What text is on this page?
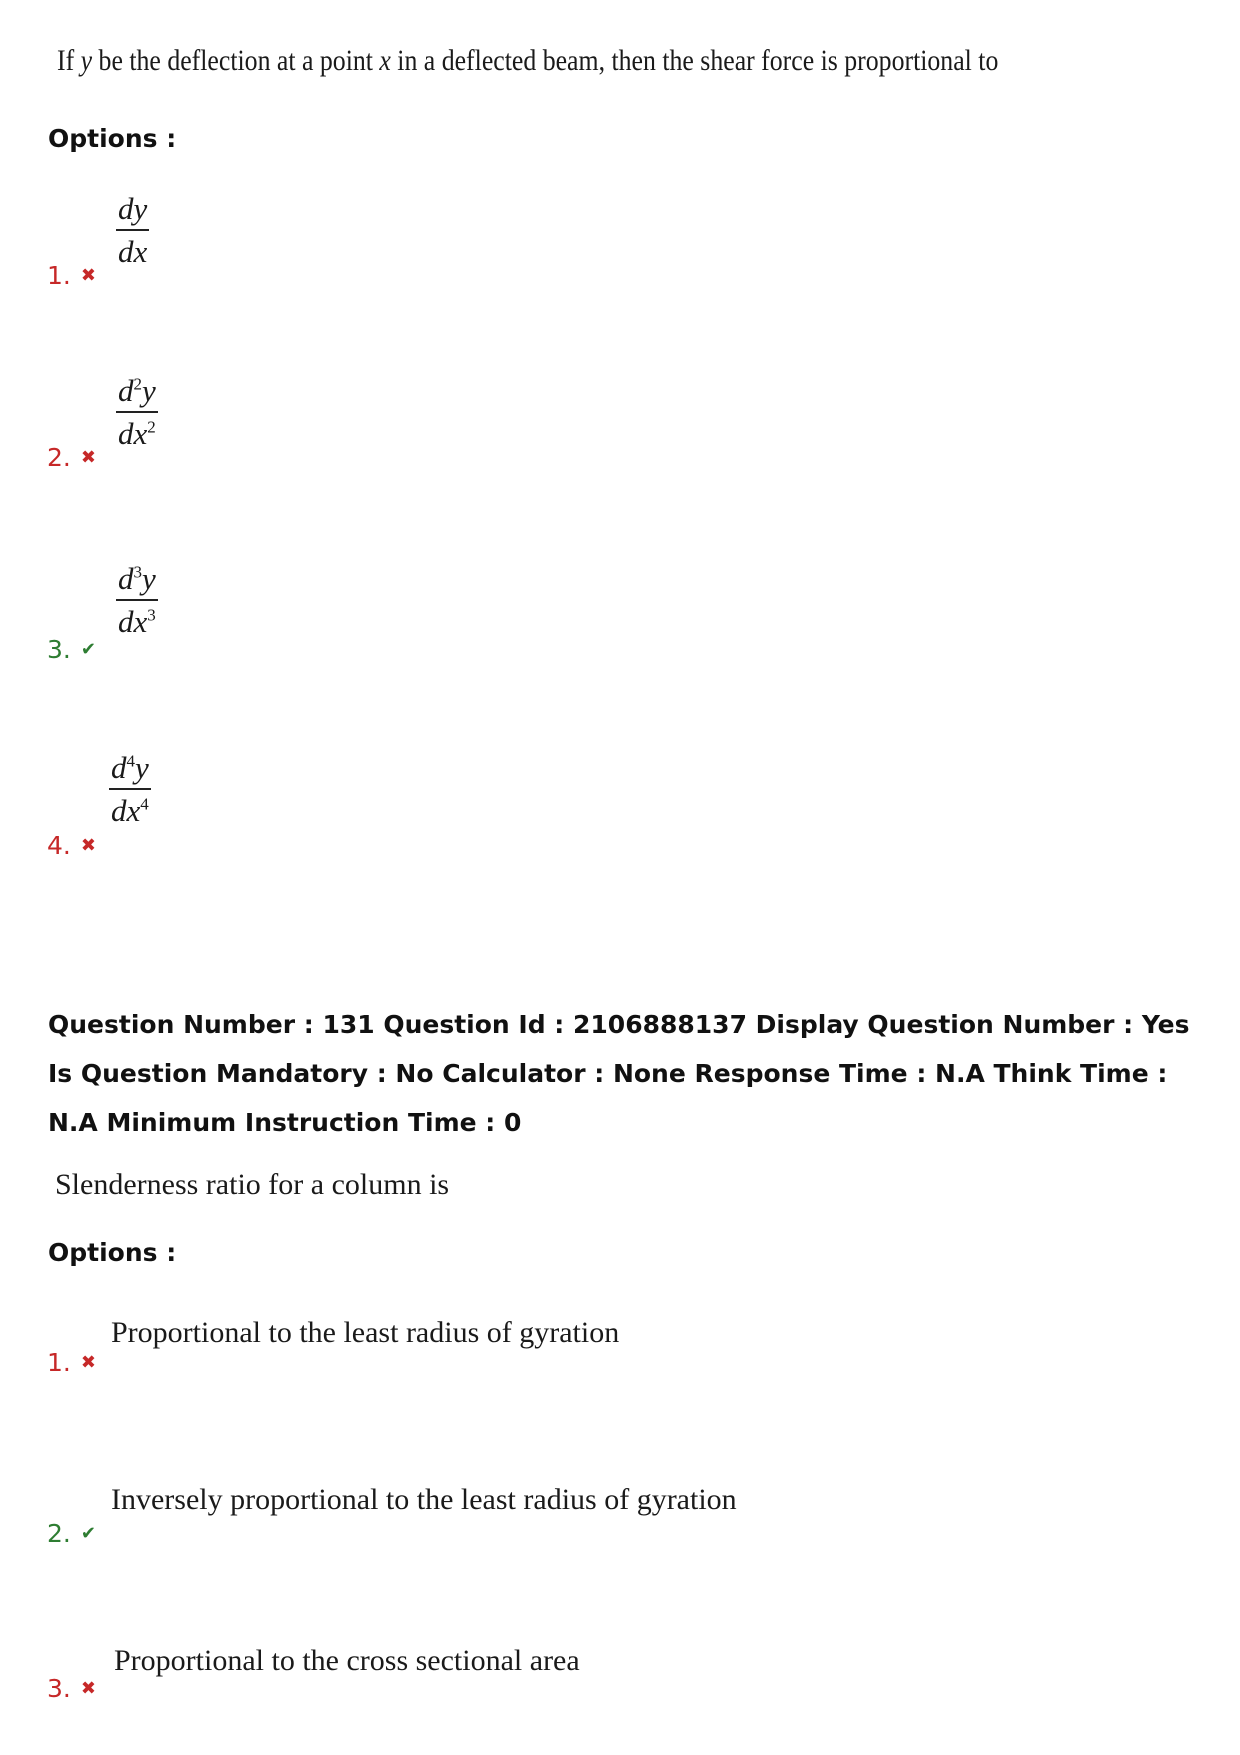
If y be the deflection at a point x in a deflected beam, then the shear force is proportional to
Options :
dy
dx
1. ✖
$d^2y$
$dx^2$
2. ✖
$d^3y$
$dx^3$
3. ✔
$d^4y$
$dx^4$
4. ✖
Question Number : 131 Question Id : 2106888137 Display Question Number : Yes Is Question Mandatory : No Calculator : None Response Time : N.A Think Time : N.A Minimum Instruction Time : 0
Slenderness ratio for a column is
Options :
Proportional to the least radius of gyration
1. ✖
Inversely proportional to the least radius of gyration
2. ✔
Proportional to the cross sectional area
3. ✖
